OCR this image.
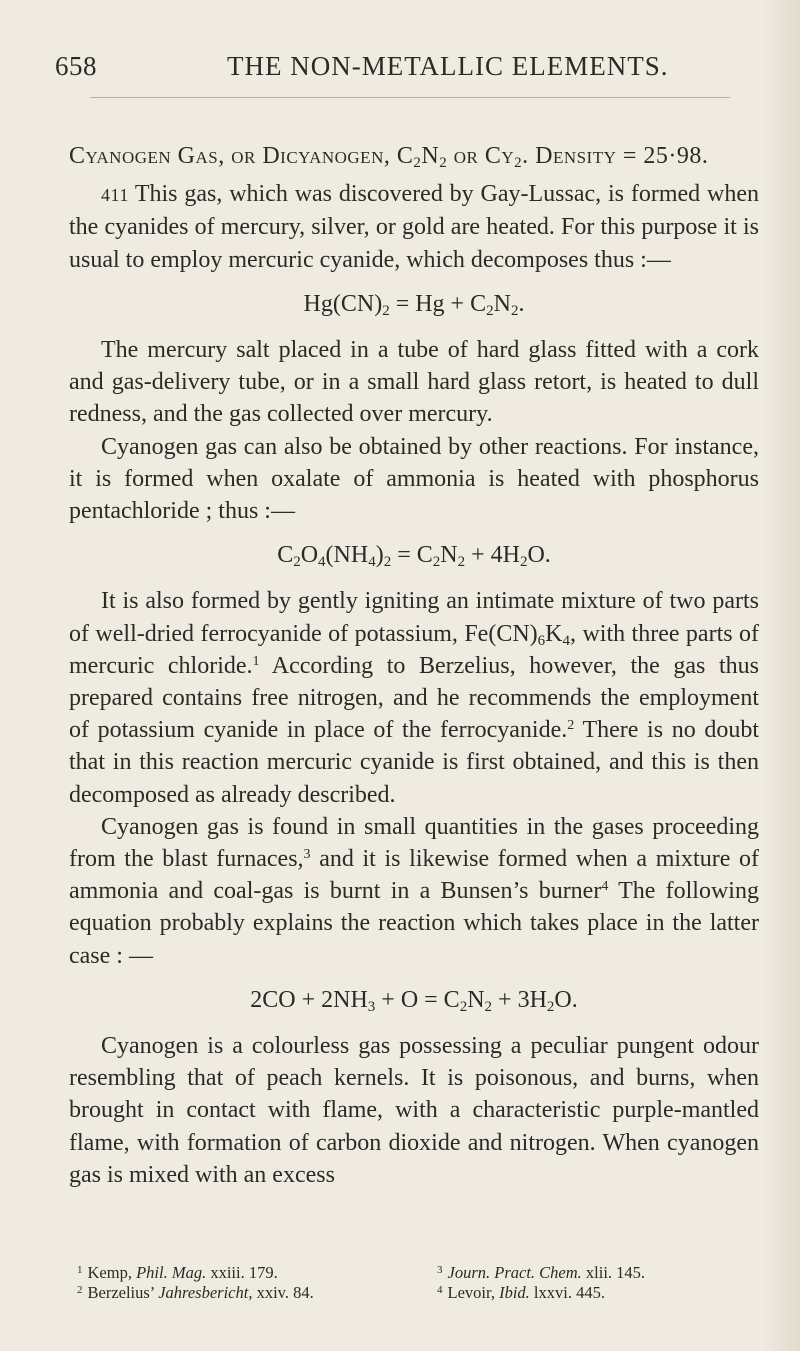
658	THE NON-METALLIC ELEMENTS.

Cyanogen Gas, or Dicyanogen, $C_2N_2$ or $Cy_2$. Density = 25·98.

411 This gas, which was discovered by Gay-Lussac, is formed when the cyanides of mercury, silver, or gold are heated. For this purpose it is usual to employ mercuric cyanide, which decomposes thus :—

$Hg(CN)_2 = Hg + C_2N_2$.

The mercury salt placed in a tube of hard glass fitted with a cork and gas-delivery tube, or in a small hard glass retort, is heated to dull redness, and the gas collected over mercury.

Cyanogen gas can also be obtained by other reactions. For instance, it is formed when oxalate of ammonia is heated with phosphorus pentachloride ; thus :—

$C_2O_4(NH_4)_2 = C_2N_2 + 4H_2O$.

It is also formed by gently igniting an intimate mixture of two parts of well-dried ferrocyanide of potassium, $Fe(CN)_6K_4$, with three parts of mercuric chloride.$^1$ According to Berzelius, however, the gas thus prepared contains free nitrogen, and he recommends the employment of potassium cyanide in place of the ferrocyanide.$^2$ There is no doubt that in this reaction mercuric cyanide is first obtained, and this is then decomposed as already described.

Cyanogen gas is found in small quantities in the gases proceeding from the blast furnaces,$^3$ and it is likewise formed when a mixture of ammonia and coal-gas is burnt in a Bunsen’s burner$^4$ The following equation probably explains the reaction which takes place in the latter case : —

$2CO + 2NH_3 + O = C_2N_2 + 3H_2O$.

Cyanogen is a colourless gas possessing a peculiar pungent odour resembling that of peach kernels. It is poisonous, and burns, when brought in contact with flame, with a characteristic purple-mantled flame, with formation of carbon dioxide and nitrogen. When cyanogen gas is mixed with an excess

$^1$ Kemp, Phil. Mag. xxiii. 179.	$^3$ Journ. Pract. Chem. xlii. 145.
$^2$ Berzelius’ Jahresbericht, xxiv. 84.	$^4$ Levoir, Ibid. lxxvi. 445.
